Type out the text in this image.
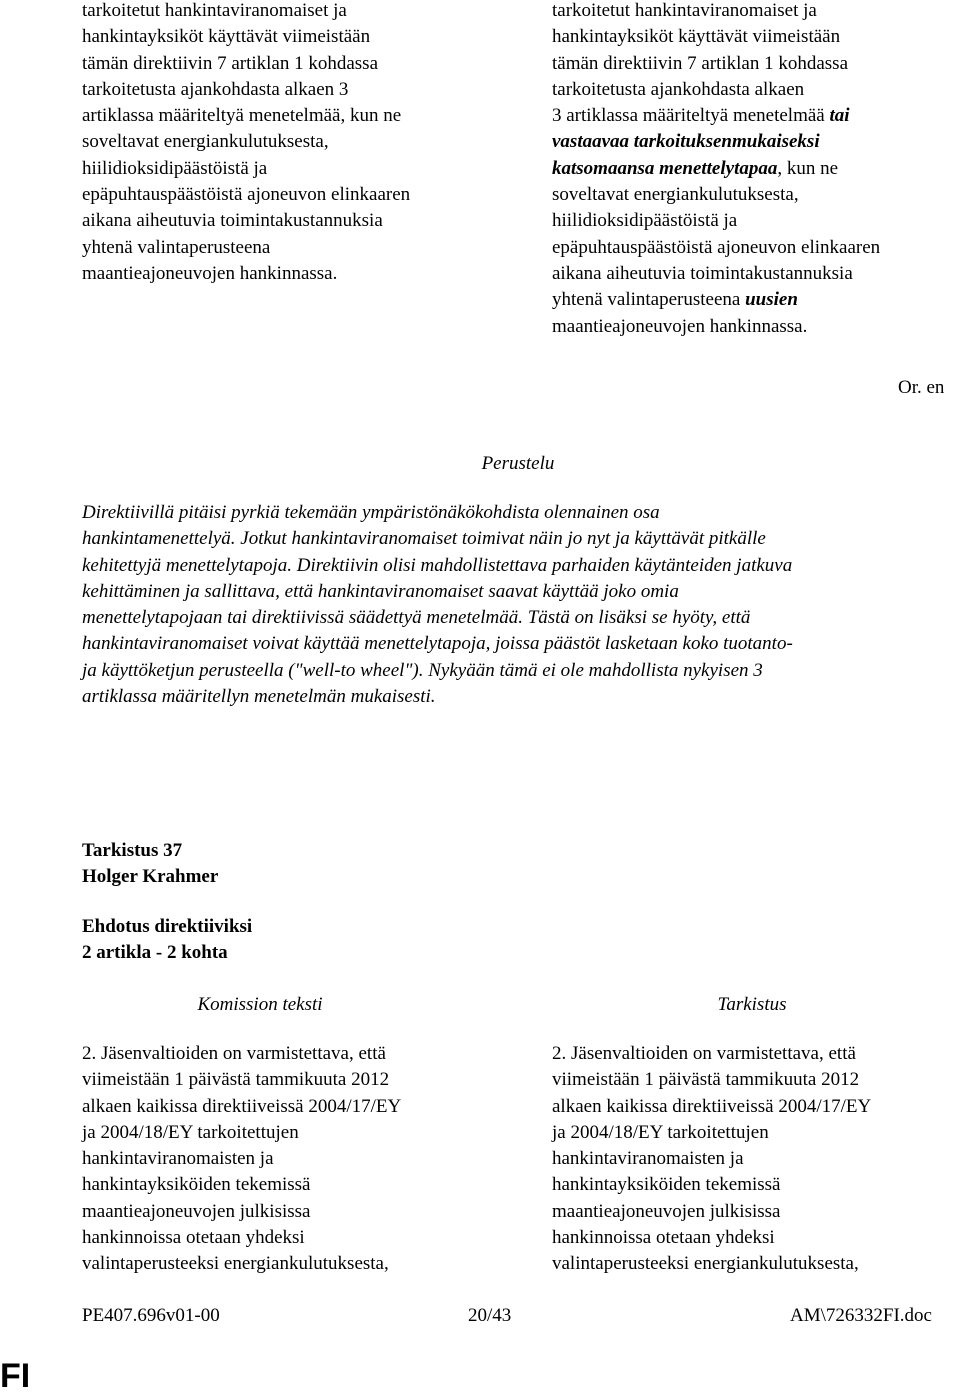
tarkoitetut hankintaviranomaiset ja
hankintayksiköt käyttävät viimeistään
tämän direktiivin 7 artiklan 1 kohdassa
tarkoitetusta ajankohdasta alkaen 3
artiklassa määriteltyä menetelmää, kun ne
soveltavat energiankulutuksesta,
hiilidioksidipäästöistä ja
epäpuhtauspäästöistä ajoneuvon elinkaaren
aikana aiheutuvia toimintakustannuksia
yhtenä valintaperusteena
maantieajoneuvojen hankinnassa.
tarkoitetut hankintaviranomaiset ja
hankintayksiköt käyttävät viimeistään
tämän direktiivin 7 artiklan 1 kohdassa
tarkoitetusta ajankohdasta alkaen
3 artiklassa määriteltyä menetelmää tai
vastaavaa tarkoituksenmukaiseksi
katsomaansa menettelytapaa, kun ne
soveltavat energiankulutuksesta,
hiilidioksidipäästöistä ja
epäpuhtauspäästöistä ajoneuvon elinkaaren
aikana aiheutuvia toimintakustannuksia
yhtenä valintaperusteena uusien
maantieajoneuvojen hankinnassa.
Or. en
Perustelu
Direktiivillä pitäisi pyrkiä tekemään ympäristönäkökohdista olennainen osa
hankintamenettelyä. Jotkut hankintaviranomaiset toimivat näin jo nyt ja käyttävät pitkälle
kehitettyjä menettelytapoja. Direktiivin olisi mahdollistettava parhaiden käytänteiden jatkuva
kehittäminen ja sallittava, että hankintaviranomaiset saavat käyttää joko omia
menettelytapojaan tai direktiivissä säädettyä menetelmää. Tästä on lisäksi se hyöty, että
hankintaviranomaiset voivat käyttää menettelytapoja, joissa päästöt lasketaan koko tuotanto-
ja käyttöketjun perusteella ("well-to wheel"). Nykyään tämä ei ole mahdollista nykyisen 3
artiklassa määritellyn menetelmän mukaisesti.
Tarkistus 37
Holger Krahmer
Ehdotus direktiiviksi
2 artikla - 2 kohta
Komission teksti	Tarkistus
2. Jäsenvaltioiden on varmistettava, että
viimeistään 1 päivästä tammikuuta 2012
alkaen kaikissa direktiiveissä 2004/17/EY
ja 2004/18/EY tarkoitettujen
hankintaviranomaisten ja
hankintayksiköiden tekemissä
maantieajoneuvojen julkisissa
hankinnoissa otetaan yhdeksi
valintaperusteeksi energiankulutuksesta,
2. Jäsenvaltioiden on varmistettava, että
viimeistään 1 päivästä tammikuuta 2012
alkaen kaikissa direktiiveissä 2004/17/EY
ja 2004/18/EY tarkoitettujen
hankintaviranomaisten ja
hankintayksiköiden tekemissä
maantieajoneuvojen julkisissa
hankinnoissa otetaan yhdeksi
valintaperusteeksi energiankulutuksesta,
PE407.696v01-00	20/43	AM\726332FI.doc
FI
